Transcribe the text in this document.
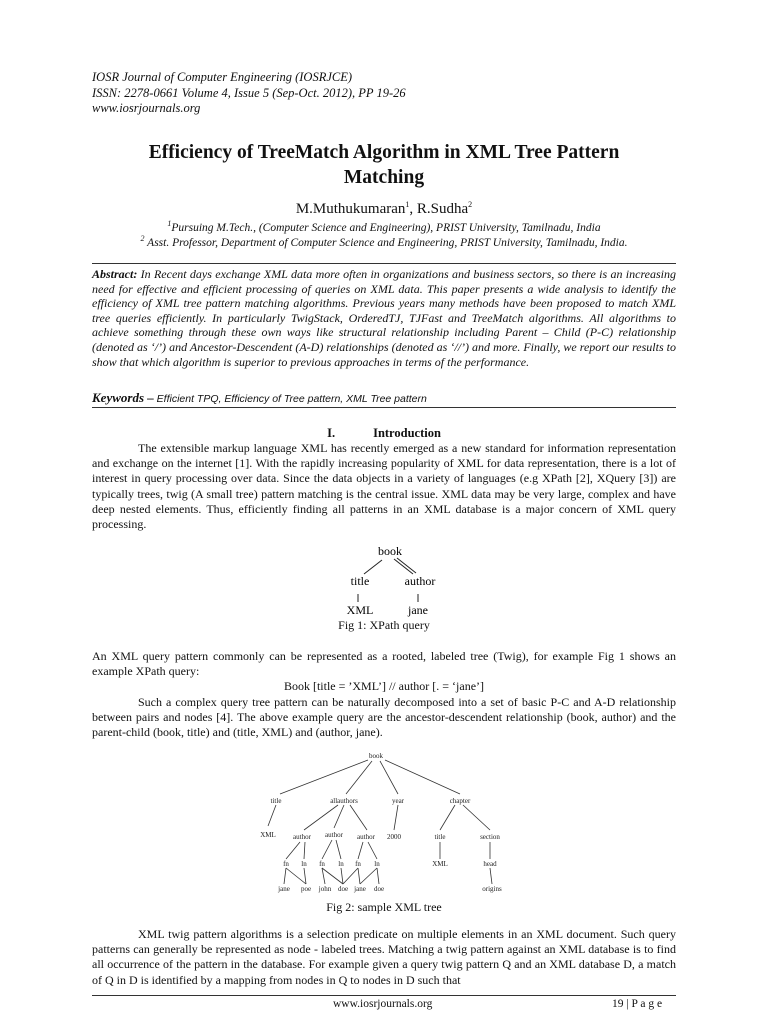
IOSR Journal of Computer Engineering (IOSRJCE)
ISSN: 2278-0661 Volume 4, Issue 5 (Sep-Oct. 2012), PP 19-26
www.iosrjournals.org
Efficiency of TreeMatch Algorithm in XML Tree Pattern
Matching
M.Muthukumaran$^1$, R.Sudha$^2$
$^1$Pursuing M.Tech., (Computer Science and Engineering), PRIST University, Tamilnadu, India
$^2$ Asst. Professor, Department of Computer Science and Engineering, PRIST University, Tamilnadu, India.
Abstract: In Recent days exchange XML data more often in organizations and business sectors, so there is an increasing need for effective and efficient processing of queries on XML data. This paper presents a wide analysis to identify the efficiency of XML tree pattern matching algorithms. Previous years many methods have been proposed to match XML tree queries efficiently. In particularly TwigStack, OrderedTJ, TJFast and TreeMatch algorithms. All algorithms to achieve something through these own ways like structural relationship including Parent – Child (P-C) relationship (denoted as ‘/’) and Ancestor-Descendent (A-D) relationships (denoted as ‘//’) and more. Finally, we report our results to show that which algorithm is superior to previous approaches in terms of the performance.
Keywords – Efficient TPQ, Efficiency of Tree pattern, XML Tree pattern
I.	Introduction
The extensible markup language XML has recently emerged as a new standard for information representation and exchange on the internet [1]. With the rapidly increasing popularity of XML for data representation, there is a lot of interest in query processing over data. Since the data objects in a variety of languages (e.g XPath [2], XQuery [3]) are typically trees, twig (A small tree) pattern matching is the central issue. XML data may be very large, complex and have deep nested elements. Thus, efficiently finding all patterns in an XML database is a major concern of XML query processing.
book
title	author
XML	jane
Fig 1: XPath query
An XML query pattern commonly can be represented as a rooted, labeled tree (Twig), for example Fig 1 shows an example XPath query:
Book [title = ’XML’] // author [. = ‘jane’]
Such a complex query tree pattern can be naturally decomposed into a set of basic P-C and A-D relationship between pairs and nodes [4]. The above example query are the ancestor-descendent relationship (book, author) and the parent-child (book, title) and (title, XML) and (author, jane).
book
title	allauthors	year	chapter
XML author author author 2000	title	section
fn ln fn ln fn ln	XML	head
jane poe john doe jane doe	origins
Fig 2: sample XML tree
XML twig pattern algorithms is a selection predicate on multiple elements in an XML document. Such query patterns can generally be represented as node - labeled trees. Matching a twig pattern against an XML database is to find all occurrence of the pattern in the database. For example given a query twig pattern Q and an XML database D, a match of Q in D is identified by a mapping from nodes in Q to nodes in D such that
www.iosrjournals.org	19 | P a g e
